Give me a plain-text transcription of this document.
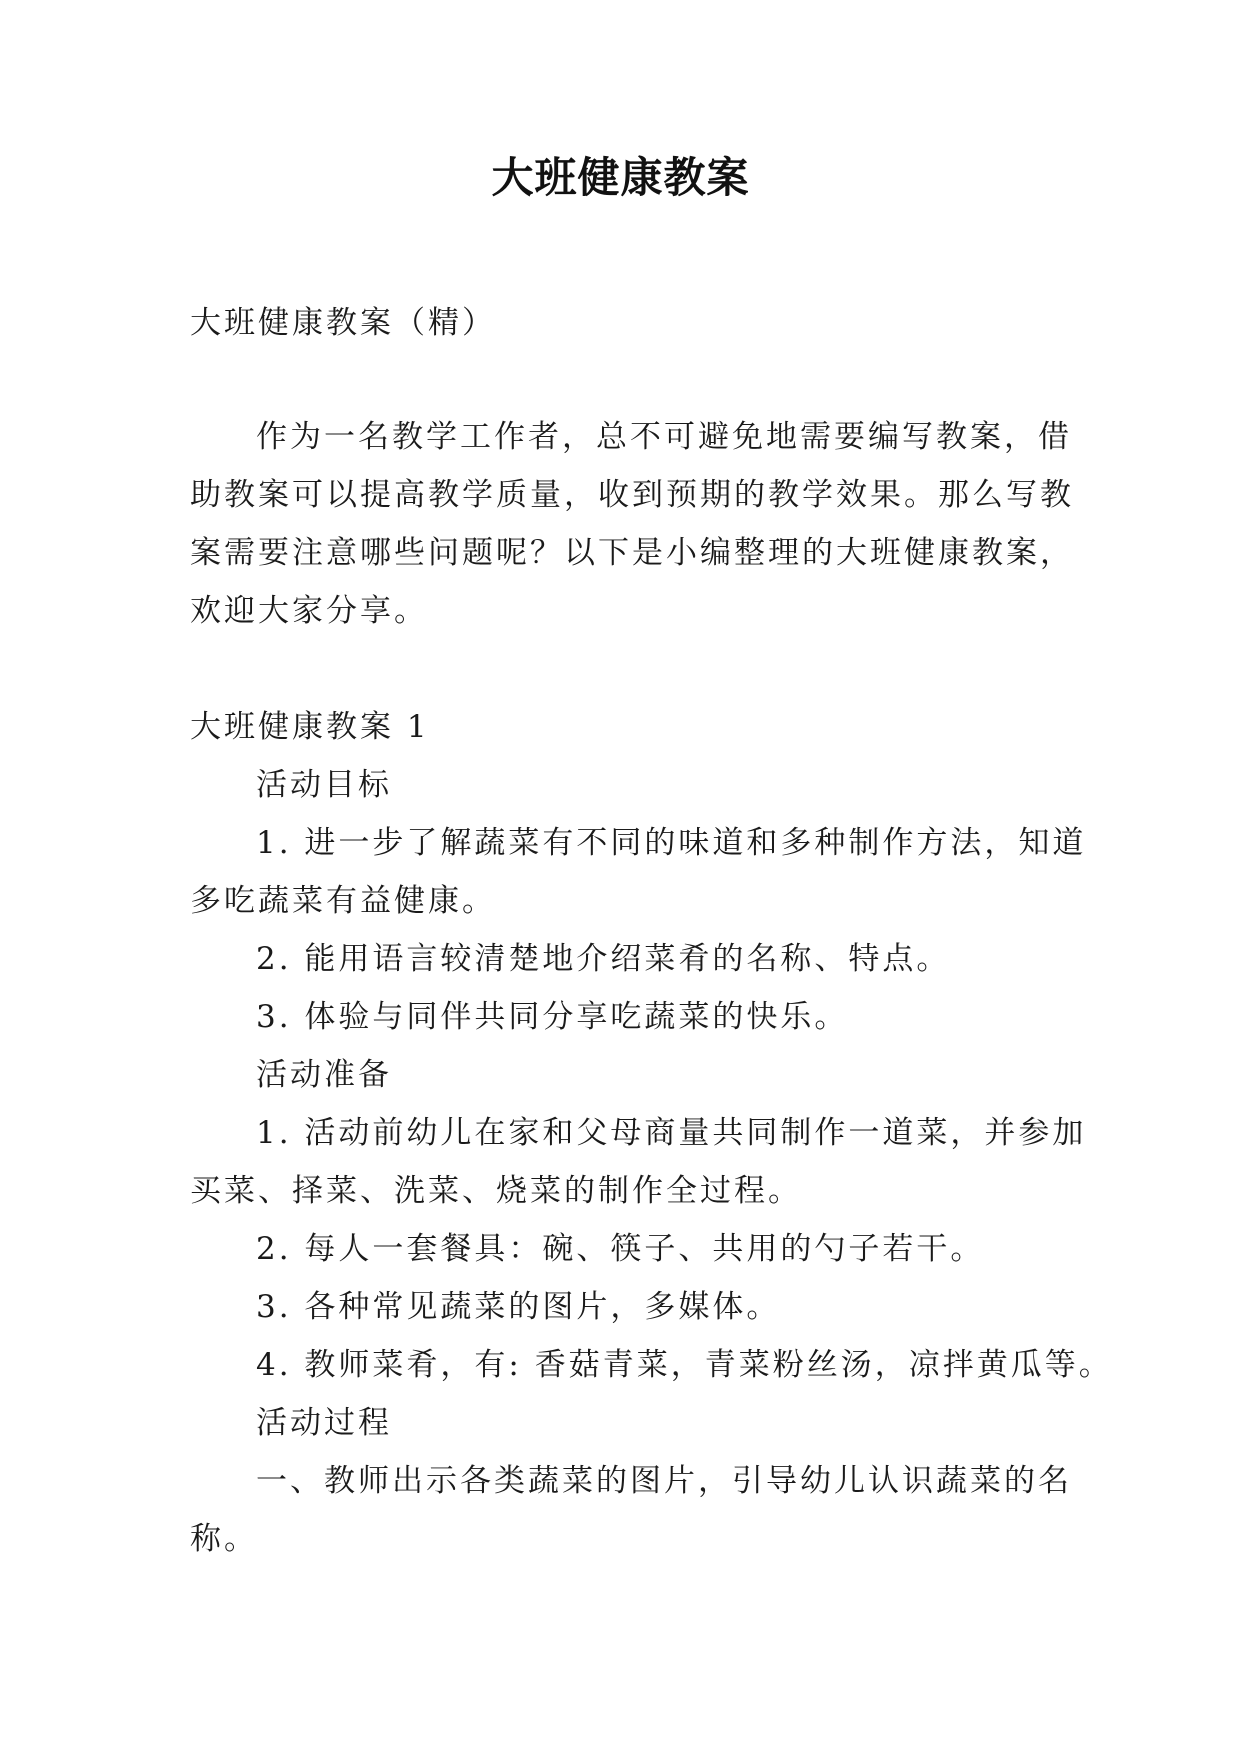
大班健康教案
大班健康教案（精）
作为一名教学工作者，总不可避免地需要编写教案，借
助教案可以提高教学质量，收到预期的教学效果。那么写教
案需要注意哪些问题呢？以下是小编整理的大班健康教案，
欢迎大家分享。
大班健康教案 1
活动目标
1. 进一步了解蔬菜有不同的味道和多种制作方法，知道
多吃蔬菜有益健康。
2. 能用语言较清楚地介绍菜肴的名称、特点。
3. 体验与同伴共同分享吃蔬菜的快乐。
活动准备
1. 活动前幼儿在家和父母商量共同制作一道菜，并参加
买菜、择菜、洗菜、烧菜的制作全过程。
2. 每人一套餐具：碗、筷子、共用的勺子若干。
3. 各种常见蔬菜的图片，多媒体。
4. 教师菜肴，有: 香菇青菜，青菜粉丝汤，凉拌黄瓜等。
活动过程
一、教师出示各类蔬菜的图片，引导幼儿认识蔬菜的名
称。
